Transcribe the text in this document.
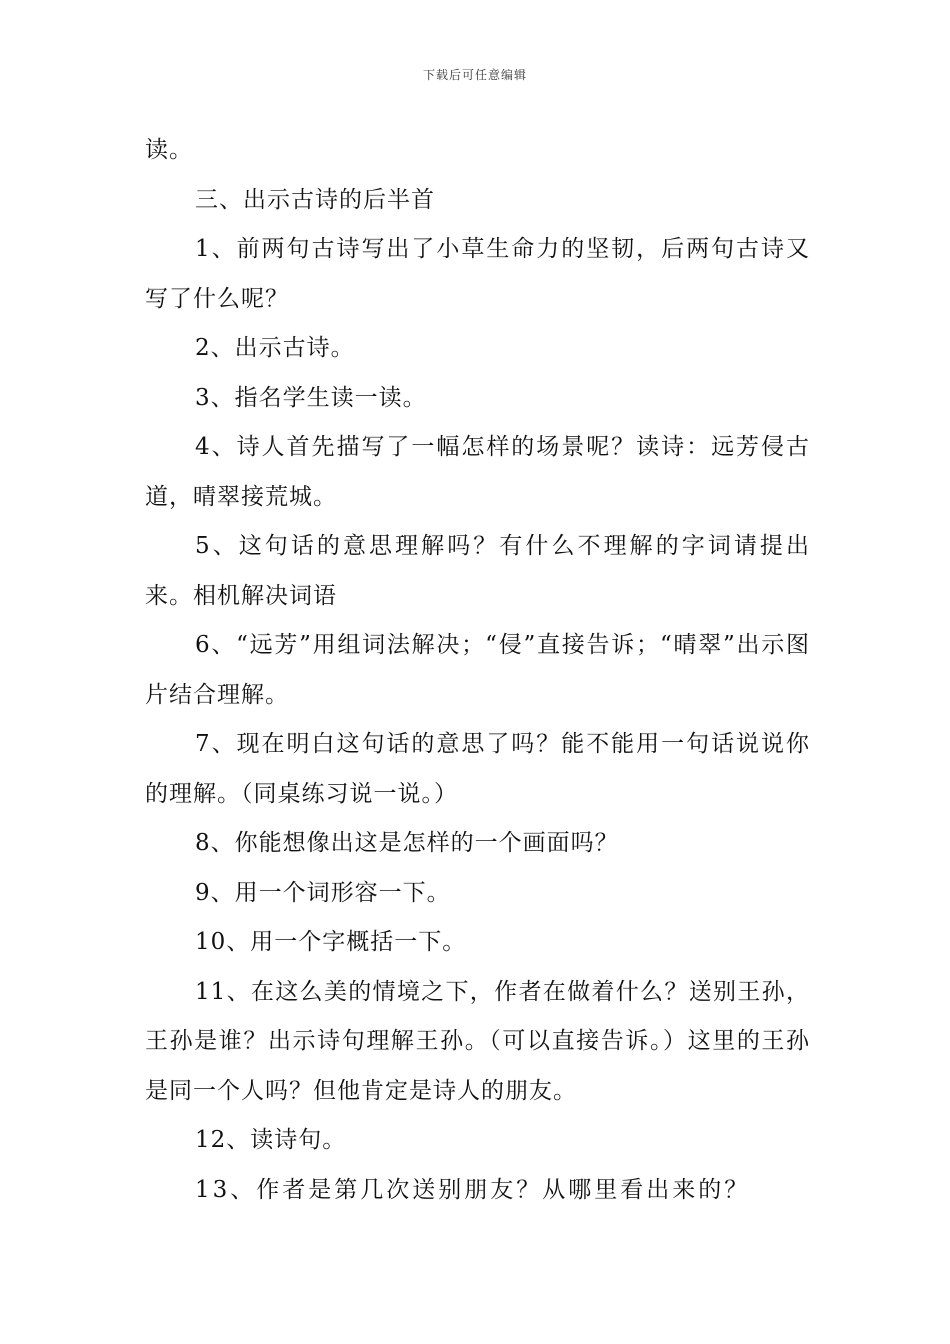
下载后可任意编辑

读。

三、出示古诗的后半首

1、前两句古诗写出了小草生命力的坚韧，后两句古诗又写了什么呢？

2、出示古诗。

3、指名学生读一读。

4、诗人首先描写了一幅怎样的场景呢？读诗：远芳侵古道，晴翠接荒城。

5、这句话的意思理解吗？有什么不理解的字词请提出来。相机解决词语

6、“远芳”用组词法解决；“侵”直接告诉；“晴翠”出示图片结合理解。

7、现在明白这句话的意思了吗？能不能用一句话说说你的理解。（同桌练习说一说。）

8、你能想像出这是怎样的一个画面吗？

9、用一个词形容一下。

10、用一个字概括一下。

11、在这么美的情境之下，作者在做着什么？送别王孙，王孙是谁？出示诗句理解王孙。（可以直接告诉。）这里的王孙是同一个人吗？但他肯定是诗人的朋友。

12、读诗句。

13、作者是第几次送别朋友？从哪里看出来的？
